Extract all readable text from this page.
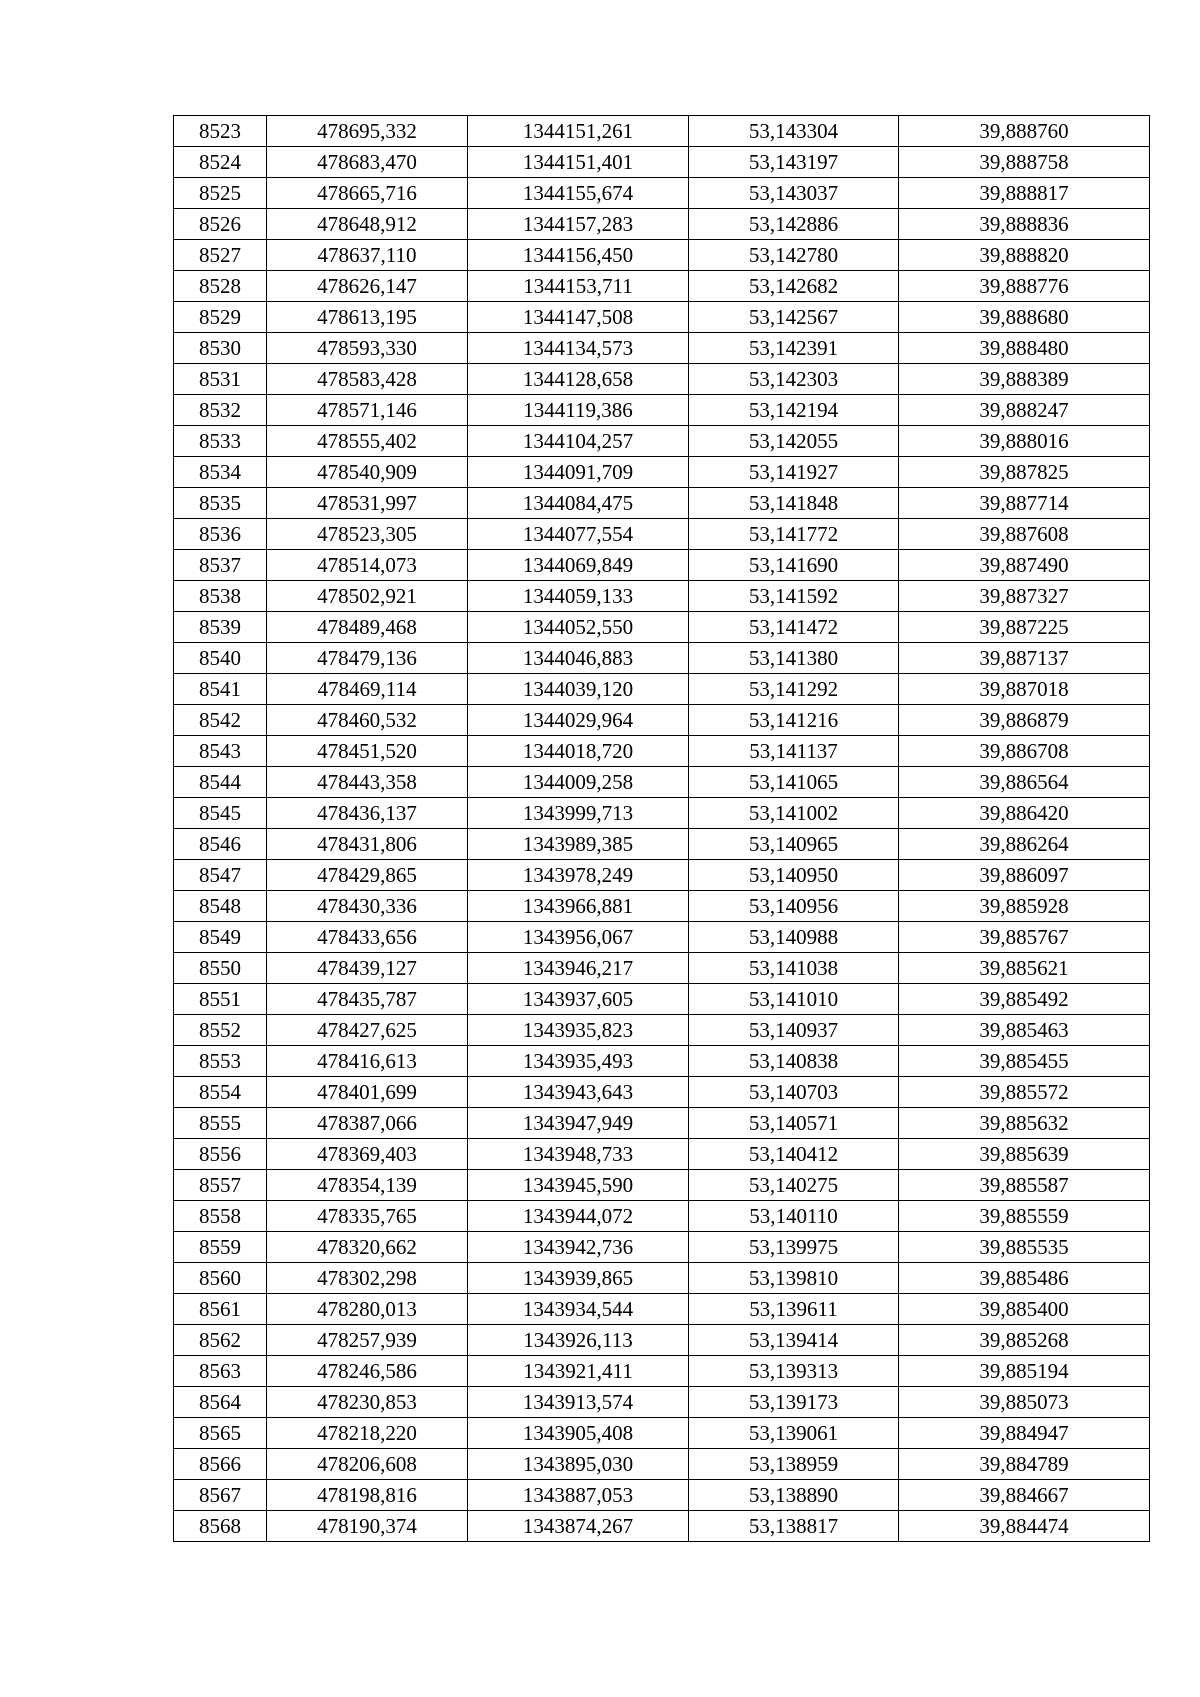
8523	478695,332	1344151,261	53,143304	39,888760
8524	478683,470	1344151,401	53,143197	39,888758
8525	478665,716	1344155,674	53,143037	39,888817
8526	478648,912	1344157,283	53,142886	39,888836
8527	478637,110	1344156,450	53,142780	39,888820
8528	478626,147	1344153,711	53,142682	39,888776
8529	478613,195	1344147,508	53,142567	39,888680
8530	478593,330	1344134,573	53,142391	39,888480
8531	478583,428	1344128,658	53,142303	39,888389
8532	478571,146	1344119,386	53,142194	39,888247
8533	478555,402	1344104,257	53,142055	39,888016
8534	478540,909	1344091,709	53,141927	39,887825
8535	478531,997	1344084,475	53,141848	39,887714
8536	478523,305	1344077,554	53,141772	39,887608
8537	478514,073	1344069,849	53,141690	39,887490
8538	478502,921	1344059,133	53,141592	39,887327
8539	478489,468	1344052,550	53,141472	39,887225
8540	478479,136	1344046,883	53,141380	39,887137
8541	478469,114	1344039,120	53,141292	39,887018
8542	478460,532	1344029,964	53,141216	39,886879
8543	478451,520	1344018,720	53,141137	39,886708
8544	478443,358	1344009,258	53,141065	39,886564
8545	478436,137	1343999,713	53,141002	39,886420
8546	478431,806	1343989,385	53,140965	39,886264
8547	478429,865	1343978,249	53,140950	39,886097
8548	478430,336	1343966,881	53,140956	39,885928
8549	478433,656	1343956,067	53,140988	39,885767
8550	478439,127	1343946,217	53,141038	39,885621
8551	478435,787	1343937,605	53,141010	39,885492
8552	478427,625	1343935,823	53,140937	39,885463
8553	478416,613	1343935,493	53,140838	39,885455
8554	478401,699	1343943,643	53,140703	39,885572
8555	478387,066	1343947,949	53,140571	39,885632
8556	478369,403	1343948,733	53,140412	39,885639
8557	478354,139	1343945,590	53,140275	39,885587
8558	478335,765	1343944,072	53,140110	39,885559
8559	478320,662	1343942,736	53,139975	39,885535
8560	478302,298	1343939,865	53,139810	39,885486
8561	478280,013	1343934,544	53,139611	39,885400
8562	478257,939	1343926,113	53,139414	39,885268
8563	478246,586	1343921,411	53,139313	39,885194
8564	478230,853	1343913,574	53,139173	39,885073
8565	478218,220	1343905,408	53,139061	39,884947
8566	478206,608	1343895,030	53,138959	39,884789
8567	478198,816	1343887,053	53,138890	39,884667
8568	478190,374	1343874,267	53,138817	39,884474
